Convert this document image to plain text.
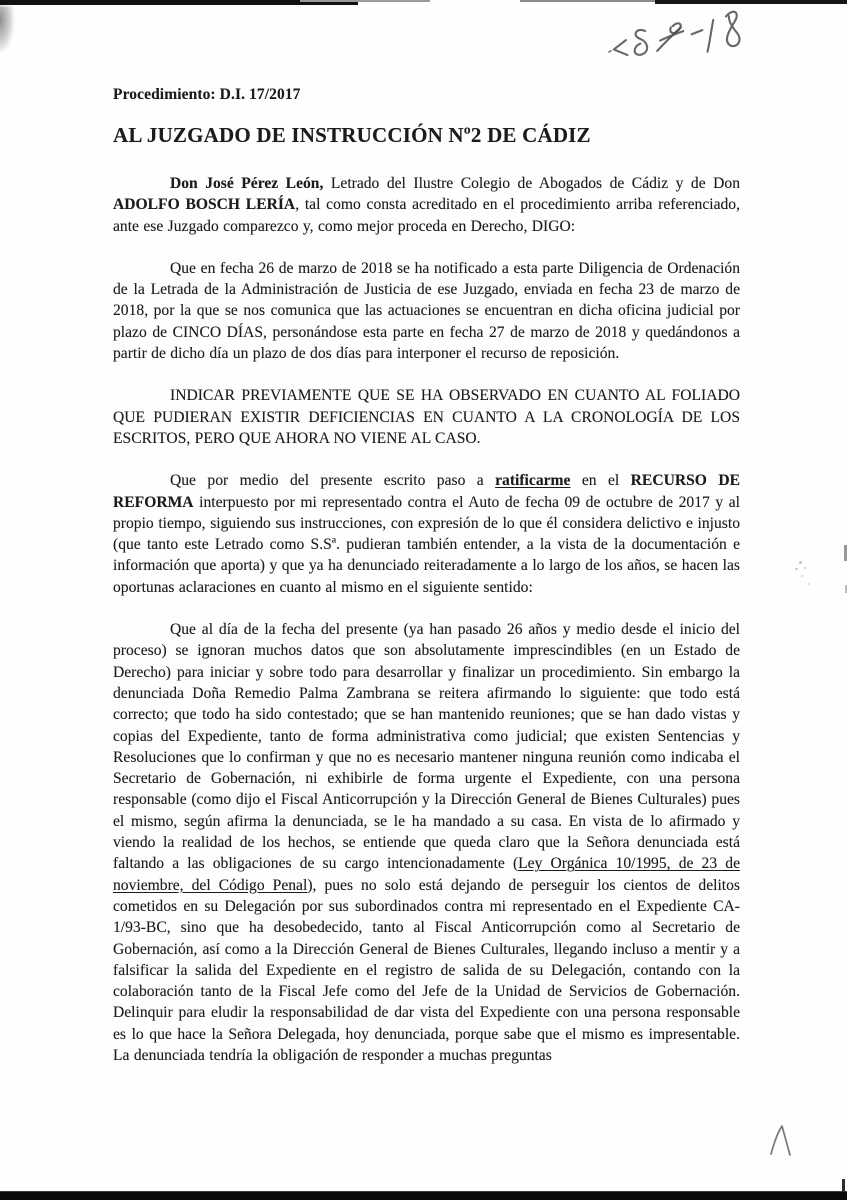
Procedimiento: D.I. 17/2017

AL JUZGADO DE INSTRUCCIÓN Nº2 DE CÁDIZ

Don José Pérez León, Letrado del Ilustre Colegio de Abogados de Cádiz y de Don ADOLFO BOSCH LERÍA, tal como consta acreditado en el procedimiento arriba referenciado, ante ese Juzgado comparezco y, como mejor proceda en Derecho, DIGO:

Que en fecha 26 de marzo de 2018 se ha notificado a esta parte Diligencia de Ordenación de la Letrada de la Administración de Justicia de ese Juzgado, enviada en fecha 23 de marzo de 2018, por la que se nos comunica que las actuaciones se encuentran en dicha oficina judicial por plazo de CINCO DÍAS, personándose esta parte en fecha 27 de marzo de 2018 y quedándonos a partir de dicho día un plazo de dos días para interponer el recurso de reposición.

INDICAR PREVIAMENTE QUE SE HA OBSERVADO EN CUANTO AL FOLIADO QUE PUDIERAN EXISTIR DEFICIENCIAS EN CUANTO A LA CRONOLOGÍA DE LOS ESCRITOS, PERO QUE AHORA NO VIENE AL CASO.

Que por medio del presente escrito paso a ratificarme en el RECURSO DE REFORMA interpuesto por mi representado contra el Auto de fecha 09 de octubre de 2017 y al propio tiempo, siguiendo sus instrucciones, con expresión de lo que él considera delictivo e injusto (que tanto este Letrado como S.Sª. pudieran también entender, a la vista de la documentación e información que aporta) y que ya ha denunciado reiteradamente a lo largo de los años, se hacen las oportunas aclaraciones en cuanto al mismo en el siguiente sentido:

Que al día de la fecha del presente (ya han pasado 26 años y medio desde el inicio del proceso) se ignoran muchos datos que son absolutamente imprescindibles (en un Estado de Derecho) para iniciar y sobre todo para desarrollar y finalizar un procedimiento. Sin embargo la denunciada Doña Remedio Palma Zambrana se reitera afirmando lo siguiente: que todo está correcto; que todo ha sido contestado; que se han mantenido reuniones; que se han dado vistas y copias del Expediente, tanto de forma administrativa como judicial; que existen Sentencias y Resoluciones que lo confirman y que no es necesario mantener ninguna reunión como indicaba el Secretario de Gobernación, ni exhibirle de forma urgente el Expediente, con una persona responsable (como dijo el Fiscal Anticorrupción y la Dirección General de Bienes Culturales) pues el mismo, según afirma la denunciada, se le ha mandado a su casa. En vista de lo afirmado y viendo la realidad de los hechos, se entiende que queda claro que la Señora denunciada está faltando a las obligaciones de su cargo intencionadamente (Ley Orgánica 10/1995, de 23 de noviembre, del Código Penal), pues no solo está dejando de perseguir los cientos de delitos cometidos en su Delegación por sus subordinados contra mi representado en el Expediente CA-1/93-BC, sino que ha desobedecido, tanto al Fiscal Anticorrupción como al Secretario de Gobernación, así como a la Dirección General de Bienes Culturales, llegando incluso a mentir y a falsificar la salida del Expediente en el registro de salida de su Delegación, contando con la colaboración tanto de la Fiscal Jefe como del Jefe de la Unidad de Servicios de Gobernación. Delinquir para eludir la responsabilidad de dar vista del Expediente con una persona responsable es lo que hace la Señora Delegada, hoy denunciada, porque sabe que el mismo es impresentable. La denunciada tendría la obligación de responder a muchas preguntas
